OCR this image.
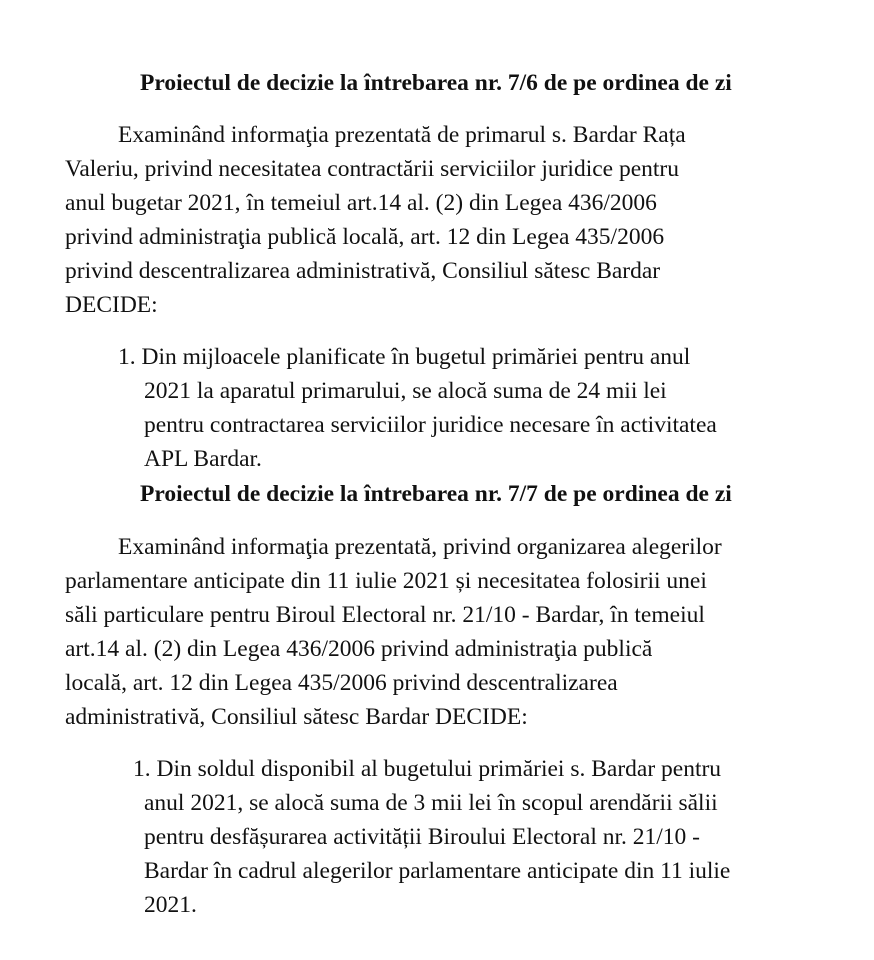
Proiectul de decizie la întrebarea nr. 7/6 de pe ordinea de zi
Examinând informaţia prezentată de primarul s. Bardar Rața
Valeriu, privind necesitatea contractării serviciilor juridice pentru
anul bugetar 2021, în temeiul art.14 al. (2) din Legea 436/2006
privind administraţia publică locală, art. 12 din Legea 435/2006
privind descentralizarea administrativă, Consiliul sătesc Bardar
DECIDE:
1. Din mijloacele planificate în bugetul primăriei pentru anul
2021 la aparatul primarului, se alocă suma de 24 mii lei
pentru contractarea serviciilor juridice necesare în activitatea
APL Bardar.
Proiectul de decizie la întrebarea nr. 7/7 de pe ordinea de zi
Examinând informaţia prezentată, privind organizarea alegerilor
parlamentare anticipate din 11 iulie 2021 și necesitatea folosirii unei
săli particulare pentru Biroul Electoral nr. 21/10 - Bardar, în temeiul
art.14 al. (2) din Legea 436/2006 privind administraţia publică
locală, art. 12 din Legea 435/2006 privind descentralizarea
administrativă, Consiliul sătesc Bardar DECIDE:
1. Din soldul disponibil al bugetului primăriei s. Bardar pentru
anul 2021, se alocă suma de 3 mii lei în scopul arendării sălii
pentru desfășurarea activității Biroului Electoral nr. 21/10 -
Bardar în cadrul alegerilor parlamentare anticipate din 11 iulie
2021.
